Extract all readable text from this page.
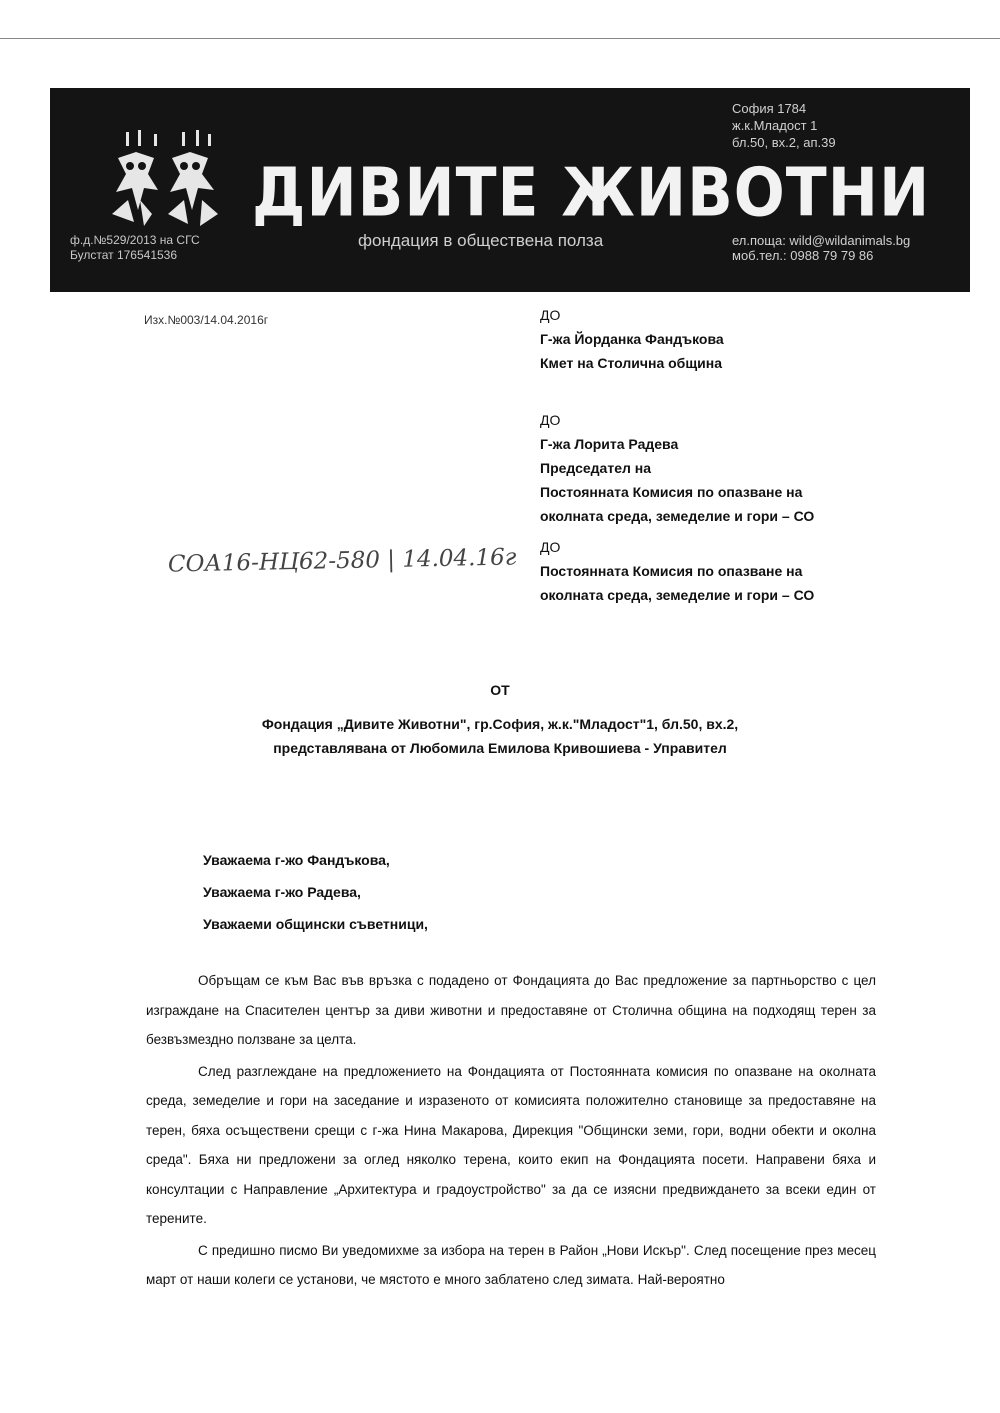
ДИВИТЕ ЖИВОТНИ
фондация в обществена полза
София 1784
ж.к.Младост 1
бл.50, вх.2, ап.39
ф.д.№529/2013 на СГС
Булстат 176541536
ел.поща: wild@wildanimals.bg
моб.тел.: 0988 79 79 86
Изх.№003/14.04.2016г	ДО
Г-жа Йорданка Фандъкова
Кмет на Столична община
ДО
Г-жа Лорита Радева
Председател на
Постоянната Комисия по опазване на
околната среда, земеделие и гори – СО
СОА16-НЦ62-580 | 14.04.16г ДО
Постоянната Комисия по опазване на
околната среда, земеделие и гори – СО
ОТ
Фондация „Дивите Животни", гр.София, ж.к."Младост"1, бл.50, вх.2,
представлявана от Любомила Емилова Кривошиева - Управител
Уважаема г-жо Фандъкова,
Уважаема г-жо Радева,
Уважаеми общински съветници,

Обръщам се към Вас във връзка с подадено от Фондацията до Вас предложение за партньорство с цел изграждане на Спасителен център за диви животни и предоставяне от Столична община на подходящ терен за безвъзмездно ползване за целта.

След разглеждане на предложението на Фондацията от Постоянната комисия по опазване на околната среда, земеделие и гори на заседание и изразеното от комисията положително становище за предоставяне на терен, бяха осъществени срещи с г-жа Нина Макарова, Дирекция "Общински земи, гори, водни обекти и околна среда". Бяха ни предложени за оглед няколко терена, които екип на Фондацията посети. Направени бяха и консултации с Направление „Архитектура и градоустройство" за да се изясни предвиждането за всеки един от терените.

С предишно писмо Ви уведомихме за избора на терен в Район „Нови Искър". След посещение през месец март от наши колеги се установи, че мястото е много заблатено след зимата. Най-вероятно
